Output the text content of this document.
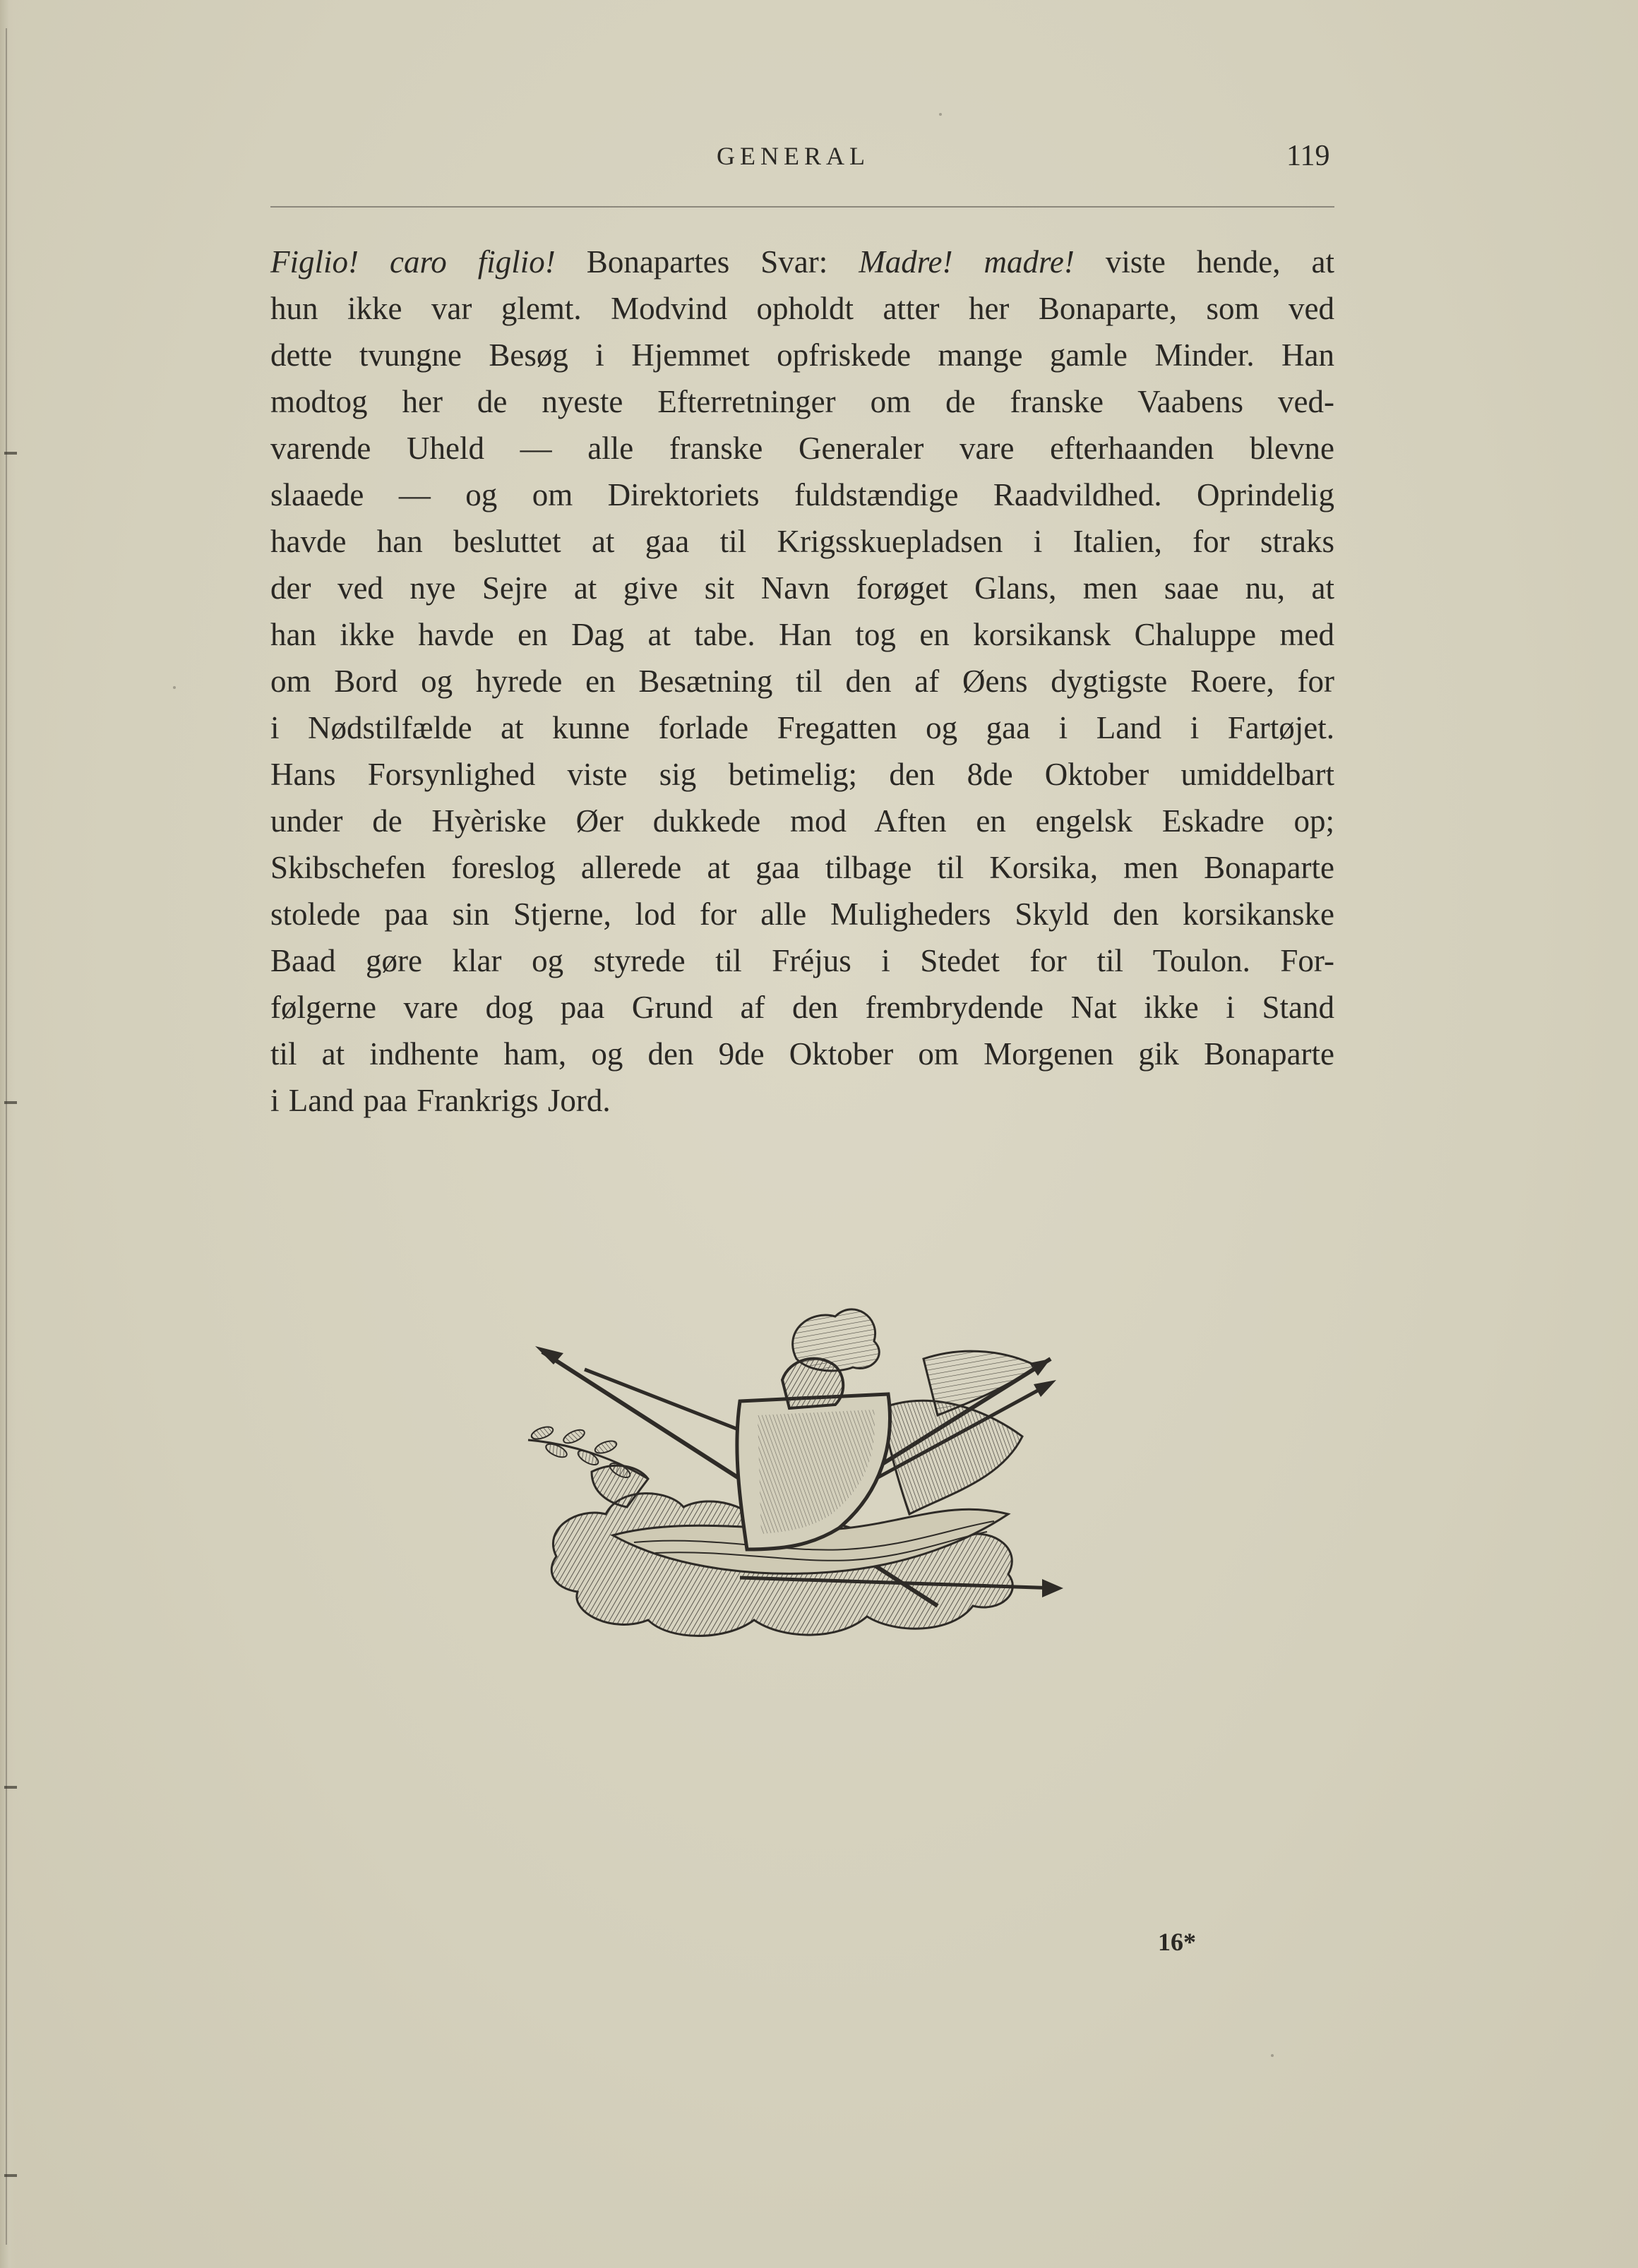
GENERAL	119
Figlio! caro figlio! Bonapartes Svar: Madre! madre! viste hende, at
hun ikke var glemt. Modvind opholdt atter her Bonaparte, som ved
dette tvungne Besøg i Hjemmet opfriskede mange gamle Minder. Han
modtog her de nyeste Efterretninger om de franske Vaabens ved-
varende Uheld — alle franske Generaler vare efterhaanden blevne
slaaede — og om Direktoriets fuldstændige Raadvildhed. Oprindelig
havde han besluttet at gaa til Krigsskuepladsen i Italien, for straks
der ved nye Sejre at give sit Navn forøget Glans, men saae nu, at
han ikke havde en Dag at tabe. Han tog en korsikansk Chaluppe med
om Bord og hyrede en Besætning til den af Øens dygtigste Roere, for
i Nødstilfælde at kunne forlade Fregatten og gaa i Land i Fartøjet.
Hans Forsynlighed viste sig betimelig; den 8de Oktober umiddelbart
under de Hyèriske Øer dukkede mod Aften en engelsk Eskadre op;
Skibschefen foreslog allerede at gaa tilbage til Korsika, men Bonaparte
stolede paa sin Stjerne, lod for alle Muligheders Skyld den korsikanske
Baad gøre klar og styrede til Fréjus i Stedet for til Toulon. For-
følgerne vare dog paa Grund af den frembrydende Nat ikke i Stand
til at indhente ham, og den 9de Oktober om Morgenen gik Bonaparte
i Land paa Frankrigs Jord.
16*
